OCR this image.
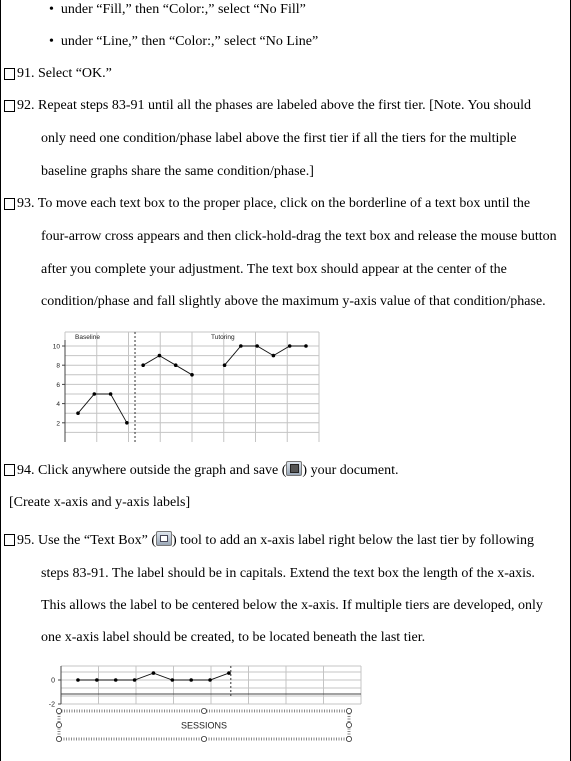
• under “Fill,” then “Color:,” select “No Fill”
• under “Line,” then “Color:,” select “No Line”
91. Select “OK.”
92. Repeat steps 83-91 until all the phases are labeled above the first tier. [Note. You should
only need one condition/phase label above the first tier if all the tiers for the multiple
baseline graphs share the same condition/phase.]
93. To move each text box to the proper place, click on the borderline of a text box until the
four-arrow cross appears and then click-hold-drag the text box and release the mouse button
after you complete your adjustment. The text box should appear at the center of the
condition/phase and fall slightly above the maximum y-axis value of that condition/phase.
2
4
6
8
10
Baseline	Tutoring
94. Click anywhere outside the graph and save ( ) your document.
[Create x-axis and y-axis labels]
95. Use the “Text Box” ( ) tool to add an x-axis label right below the last tier by following
steps 83-91. The label should be in capitals. Extend the text box the length of the x-axis.
This allows the label to be centered below the x-axis. If multiple tiers are developed, only
one x-axis label should be created, to be located beneath the last tier.
0
-2
SESSIONS
